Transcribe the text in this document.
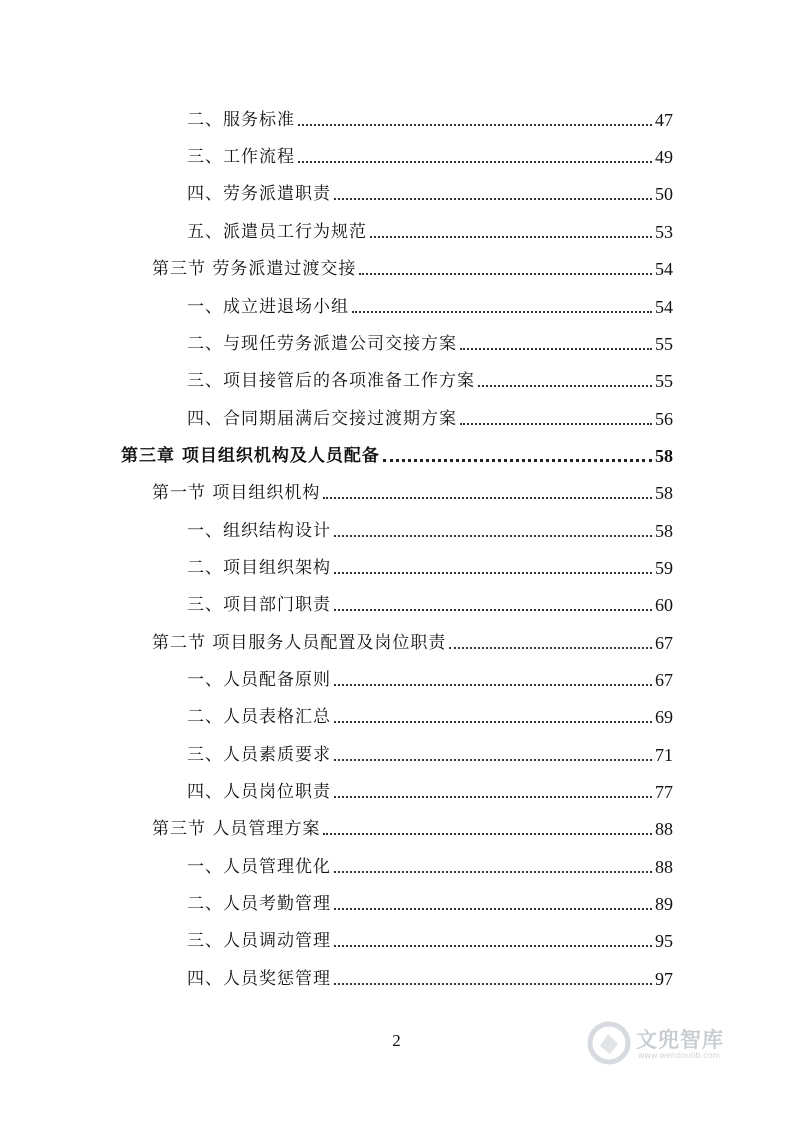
二、服务标准	47
三、工作流程	49
四、劳务派遣职责	50
五、派遣员工行为规范	53
第三节 劳务派遣过渡交接	54
一、成立进退场小组	54
二、与现任劳务派遣公司交接方案	55
三、项目接管后的各项准备工作方案	55
四、合同期届满后交接过渡期方案	56
第三章 项目组织机构及人员配备	58
第一节 项目组织机构	58
一、组织结构设计	58
二、项目组织架构	59
三、项目部门职责	60
第二节 项目服务人员配置及岗位职责	67
一、人员配备原则	67
二、人员表格汇总	69
三、人员素质要求	71
四、人员岗位职责	77
第三节 人员管理方案	88
一、人员管理优化	88
二、人员考勤管理	89
三、人员调动管理	95
四、人员奖惩管理	97
2	文兜智库
www.wendoulib.com
